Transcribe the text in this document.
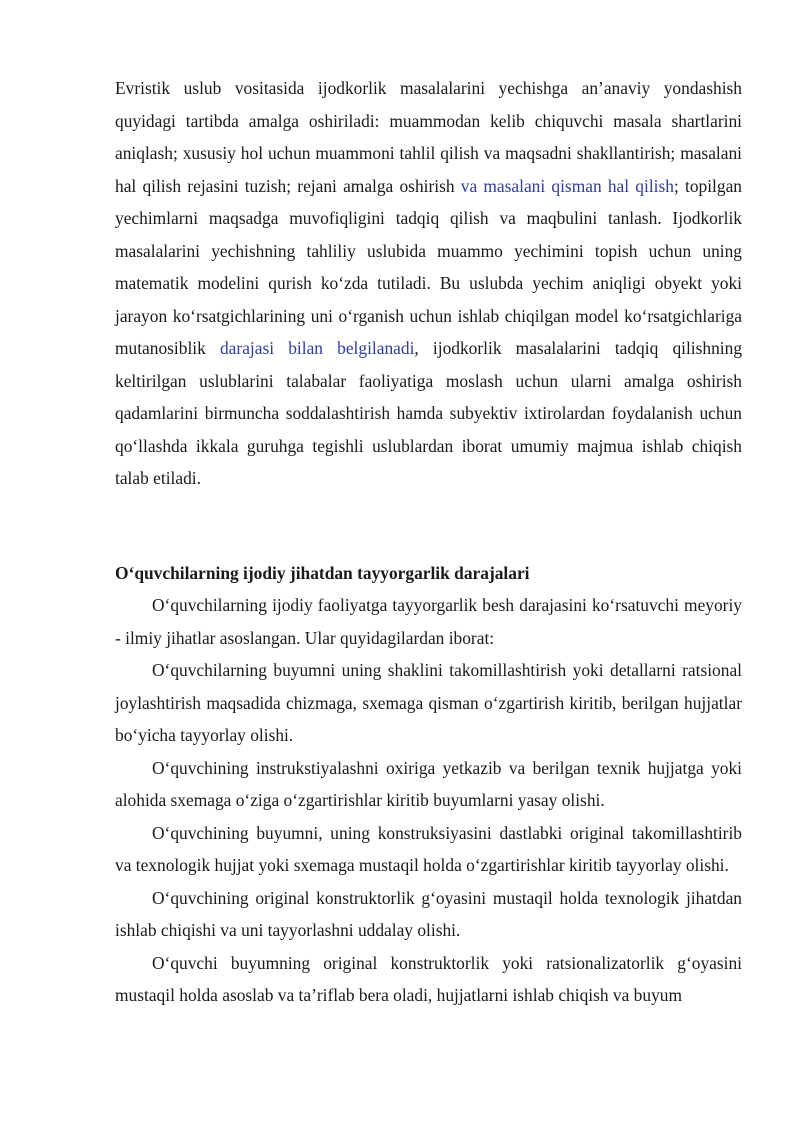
Evristik uslub vositasida ijodkorlik masalalarini yechishga an’anaviy yondashish quyidagi tartibda amalga oshiriladi: muammodan kelib chiquvchi masala shartlarini aniqlash; xususiy hol uchun muammoni tahlil qilish va maqsadni shakllantirish; masalani hal qilish rejasini tuzish; rejani amalga oshirish va masalani qisman hal qilish; topilgan yechimlarni maqsadga muvofiqligini tadqiq qilish va maqbulini tanlash. Ijodkorlik masalalarini yechishning tahliliy uslubida muammo yechimini topish uchun uning matematik modelini qurish ko‘zda tutiladi. Bu uslubda yechim aniqligi obyekt yoki jarayon ko‘rsatgichlarining uni o‘rganish uchun ishlab chiqilgan model ko‘rsatgichlariga mutanosiblik darajasi bilan belgilanadi, ijodkorlik masalalarini tadqiq qilishning keltirilgan uslublarini talabalar faoliyatiga moslash uchun ularni amalga oshirish qadamlarini birmuncha soddalashtirish hamda subyektiv ixtirolardan foydalanish uchun qo‘llashda ikkala guruhga tegishli uslublardan iborat umumiy majmua ishlab chiqish talab etiladi.

O‘quvchilarning ijodiy jihatdan tayyorgarlik darajalari

O‘quvchilarning ijodiy faoliyatga tayyorgarlik besh darajasini ko‘rsatuvchi meyoriy - ilmiy jihatlar asoslangan. Ular quyidagilardan iborat:

O‘quvchilarning buyumni uning shaklini takomillashtirish yoki detallarni ratsional joylashtirish maqsadida chizmaga, sxemaga qisman o‘zgartirish kiritib, berilgan hujjatlar bo‘yicha tayyorlay olishi.

O‘quvchining instrukstiyalashni oxiriga yetkazib va berilgan texnik hujjatga yoki alohida sxemaga o‘ziga o‘zgartirishlar kiritib buyumlarni yasay olishi.

O‘quvchining buyumni, uning konstruksiyasini dastlabki original takomillashtirib va texnologik hujjat yoki sxemaga mustaqil holda o‘zgartirishlar kiritib tayyorlay olishi.

O‘quvchining original konstruktorlik g‘oyasini mustaqil holda texnologik jihatdan ishlab chiqishi va uni tayyorlashni uddalay olishi.

O‘quvchi buyumning original konstruktorlik yoki ratsionalizatorlik g‘oyasini mustaqil holda asoslab va ta’riflab bera oladi, hujjatlarni ishlab chiqish va buyum
